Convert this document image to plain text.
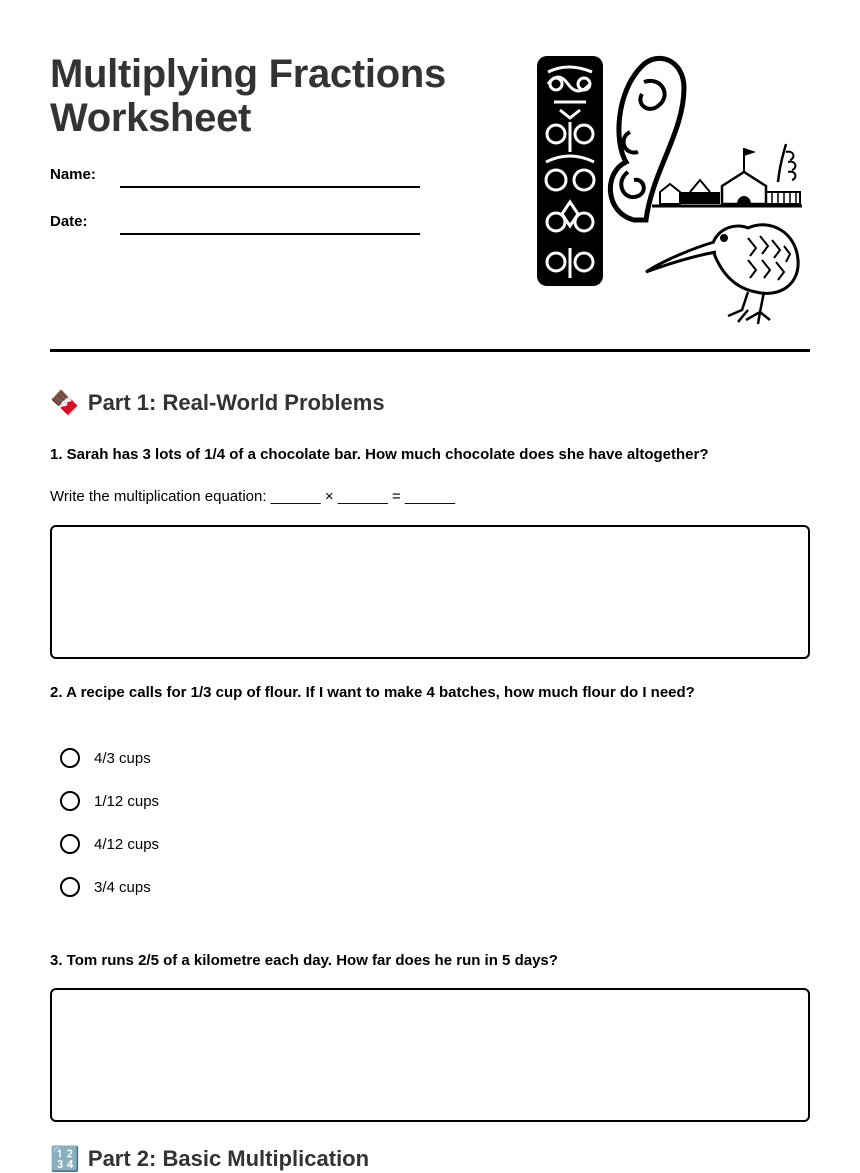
Multiplying Fractions
Worksheet
Name:
Date:
🍫 Part 1: Real-World Problems

1. Sarah has 3 lots of 1/4 of a chocolate bar. How much chocolate does she have altogether?

Write the multiplication equation: ______ × ______ = ______

2. A recipe calls for 1/3 cup of flour. If I want to make 4 batches, how much flour do I need?

4/3 cups
1/12 cups
4/12 cups
3/4 cups

3. Tom runs 2/5 of a kilometre each day. How far does he run in 5 days?

🔢 Part 2: Basic Multiplication
